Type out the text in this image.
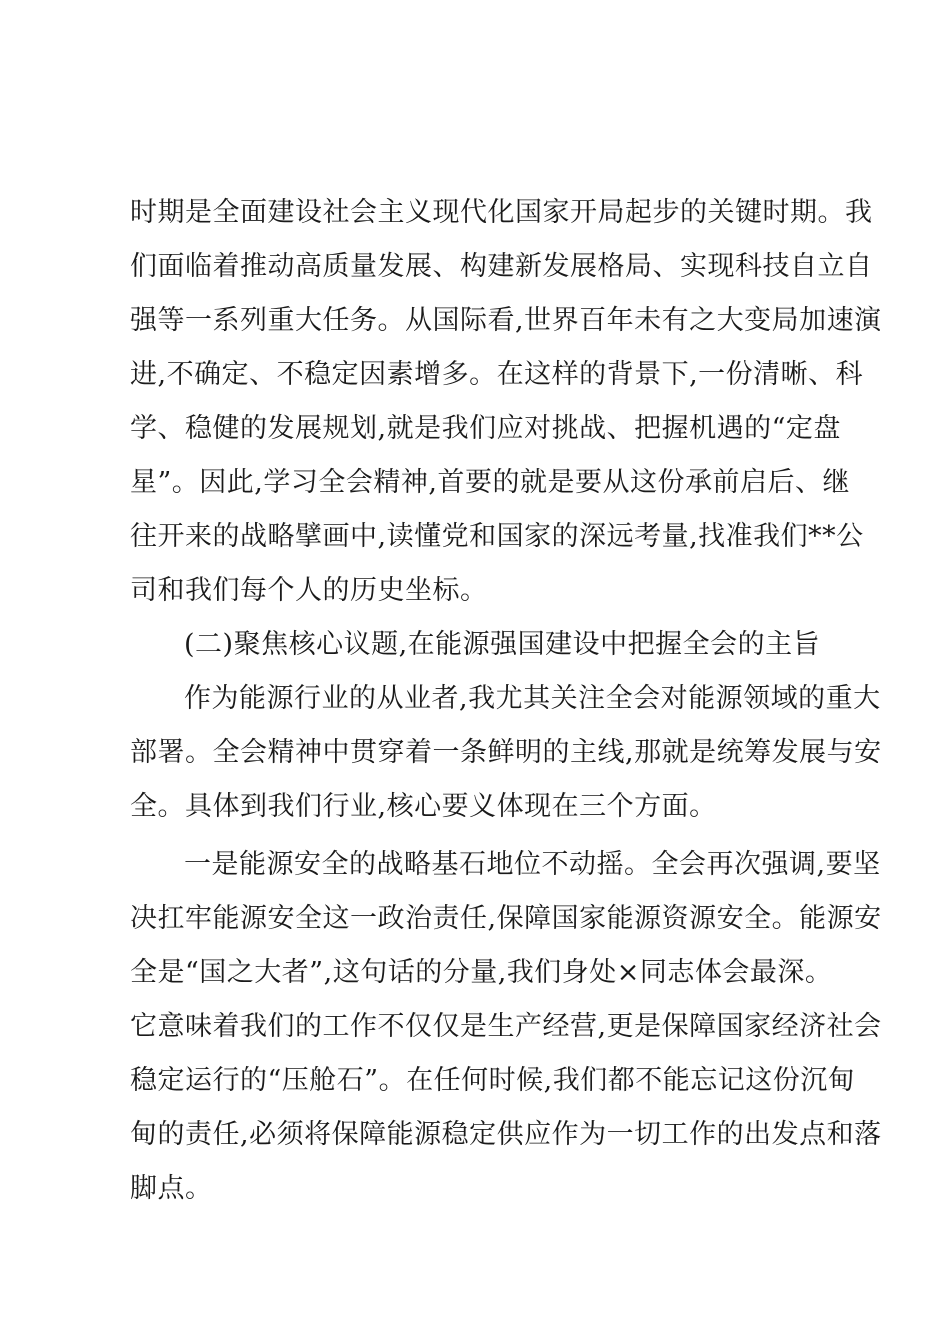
时期是全面建设社会主义现代化国家开局起步的关键时期。我
们面临着推动高质量发展、构建新发展格局、实现科技自立自
强等一系列重大任务。从国际看,世界百年未有之大变局加速演
进,不确定、不稳定因素增多。在这样的背景下,一份清晰、科
学、稳健的发展规划,就是我们应对挑战、把握机遇的“定盘
星”。因此,学习全会精神,首要的就是要从这份承前启后、继
往开来的战略擘画中,读懂党和国家的深远考量,找准我们**公
司和我们每个人的历史坐标。
(二)聚焦核心议题,在能源强国建设中把握全会的主旨
作为能源行业的从业者,我尤其关注全会对能源领域的重大
部署。全会精神中贯穿着一条鲜明的主线,那就是统筹发展与安
全。具体到我们行业,核心要义体现在三个方面。
一是能源安全的战略基石地位不动摇。全会再次强调,要坚
决扛牢能源安全这一政治责任,保障国家能源资源安全。能源安
全是“国之大者”,这句话的分量,我们身处×同志体会最深。
它意味着我们的工作不仅仅是生产经营,更是保障国家经济社会
稳定运行的“压舱石”。在任何时候,我们都不能忘记这份沉甸
甸的责任,必须将保障能源稳定供应作为一切工作的出发点和落
脚点。
